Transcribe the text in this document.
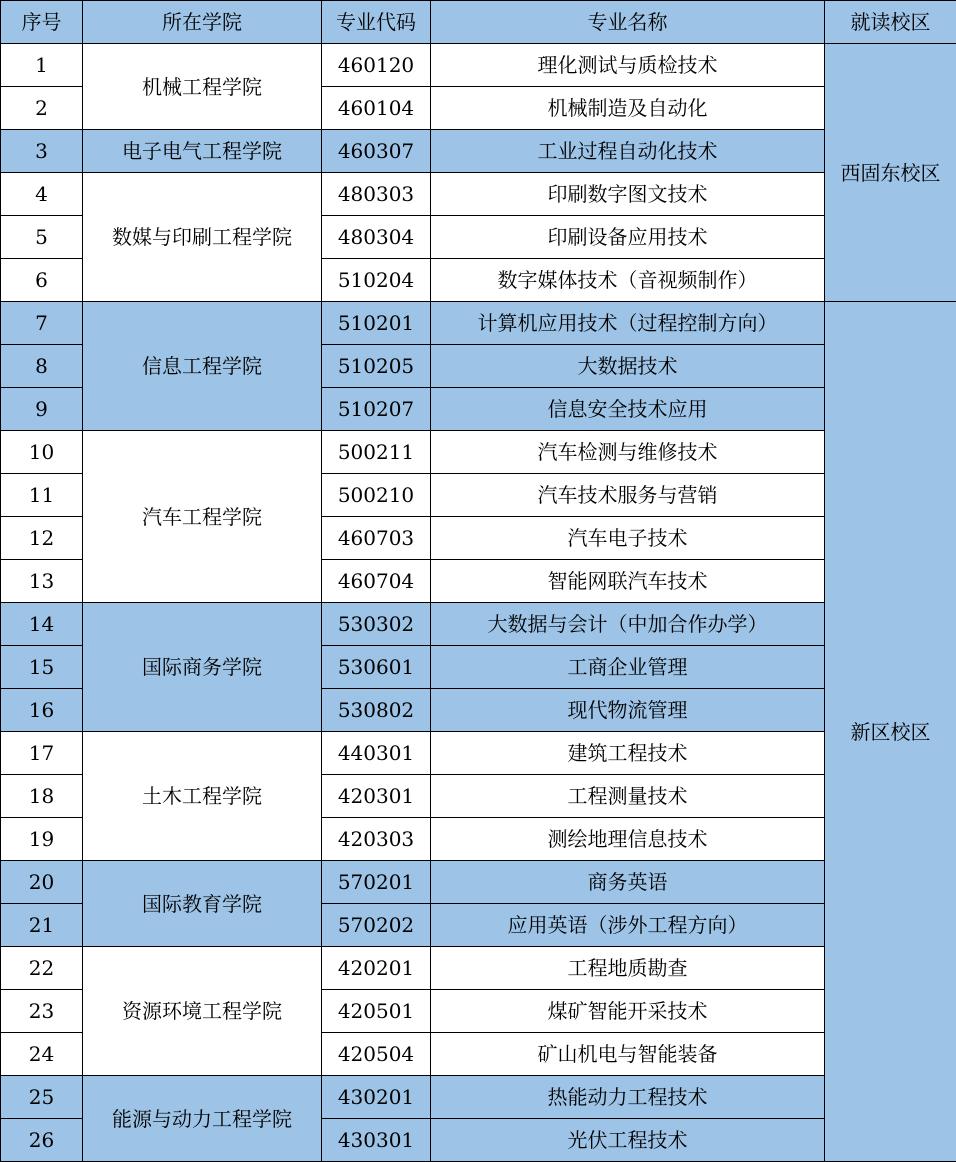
序号	所在学院	专业代码	专业名称	就读校区
1	机械工程学院	460120	理化测试与质检技术	西固东校区
2		460104	机械制造及自动化	
3	电子电气工程学院	460307	工业过程自动化技术	
4	数媒与印刷工程学院	480303	印刷数字图文技术	
5		480304	印刷设备应用技术	
6		510204	数字媒体技术（音视频制作）	
7	信息工程学院	510201	计算机应用技术（过程控制方向）	新区校区
8		510205	大数据技术	
9		510207	信息安全技术应用	
10	汽车工程学院	500211	汽车检测与维修技术	
11		500210	汽车技术服务与营销	
12		460703	汽车电子技术	
13		460704	智能网联汽车技术	
14	国际商务学院	530302	大数据与会计（中加合作办学）	
15		530601	工商企业管理	
16		530802	现代物流管理	
17	土木工程学院	440301	建筑工程技术	
18		420301	工程测量技术	
19		420303	测绘地理信息技术	
20	国际教育学院	570201	商务英语	
21		570202	应用英语（涉外工程方向）	
22	资源环境工程学院	420201	工程地质勘查	
23		420501	煤矿智能开采技术	
24		420504	矿山机电与智能装备	
25	能源与动力工程学院	430201	热能动力工程技术	
26		430301	光伏工程技术	
